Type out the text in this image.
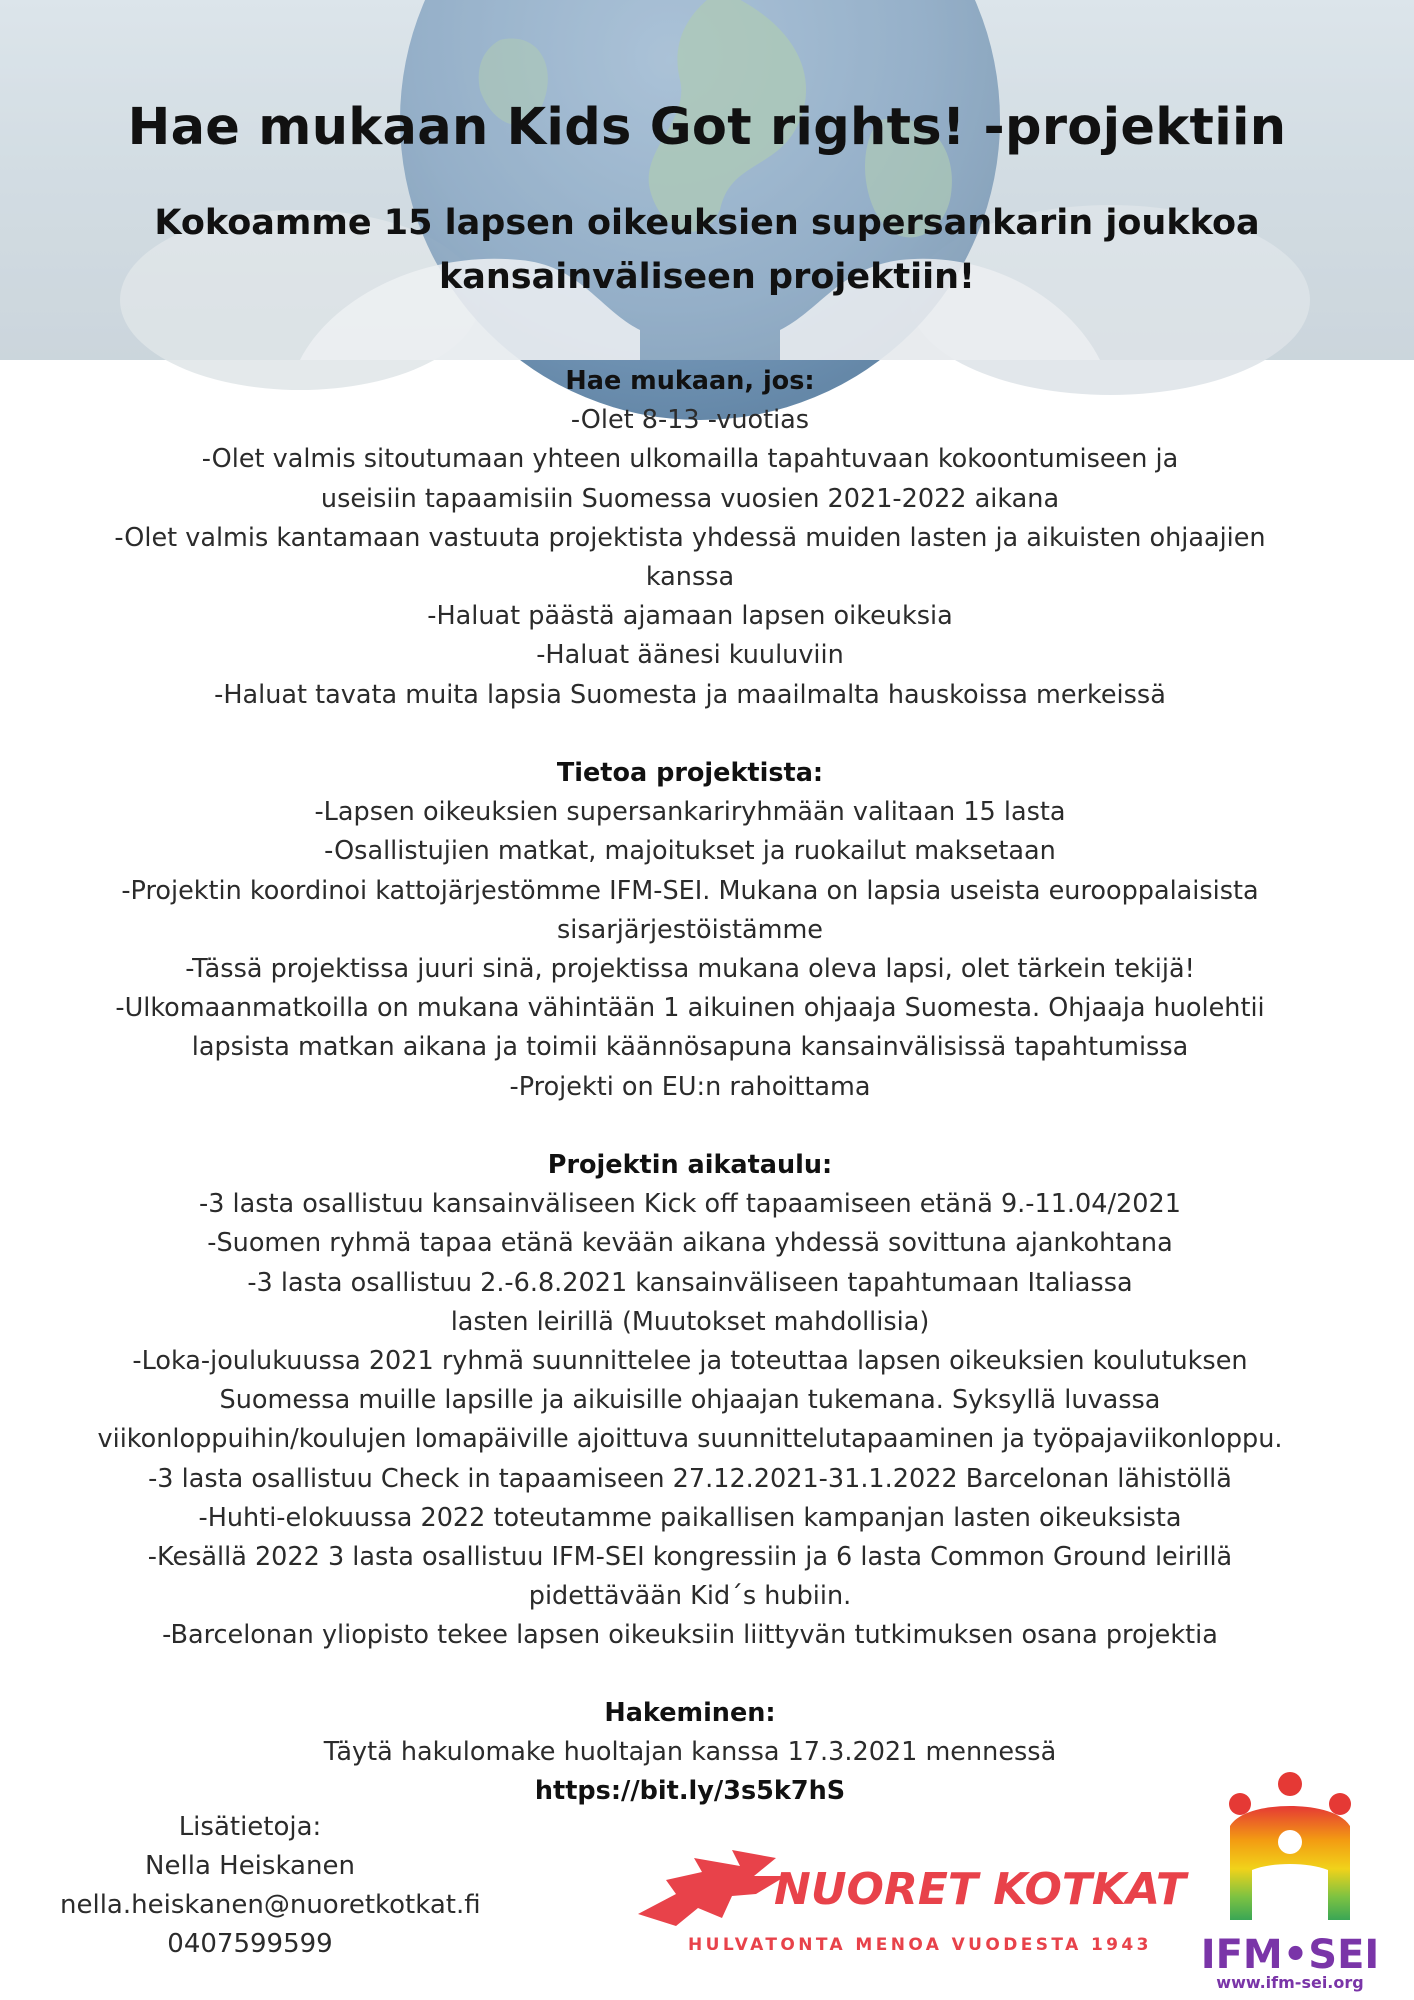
Hae mukaan Kids Got rights! -projektiin
Kokoamme 15 lapsen oikeuksien supersankarin joukkoa
kansainväliseen projektiin!
Hae mukaan, jos:
-Olet 8-13 -vuotias
-Olet valmis sitoutumaan yhteen ulkomailla tapahtuvaan kokoontumiseen ja
useisiin tapaamisiin Suomessa vuosien 2021-2022 aikana
-Olet valmis kantamaan vastuuta projektista yhdessä muiden lasten ja aikuisten ohjaajien
kanssa
-Haluat päästä ajamaan lapsen oikeuksia
-Haluat äänesi kuuluviin
-Haluat tavata muita lapsia Suomesta ja maailmalta hauskoissa merkeissä
Tietoa projektista:
-Lapsen oikeuksien supersankariryhmään valitaan 15 lasta
-Osallistujien matkat, majoitukset ja ruokailut maksetaan
-Projektin koordinoi kattojärjestömme IFM-SEI. Mukana on lapsia useista eurooppalaisista
sisarjärjestöistämme
-Tässä projektissa juuri sinä, projektissa mukana oleva lapsi, olet tärkein tekijä!
-Ulkomaanmatkoilla on mukana vähintään 1 aikuinen ohjaaja Suomesta. Ohjaaja huolehtii
lapsista matkan aikana ja toimii käännösapuna kansainvälisissä tapahtumissa
-Projekti on EU:n rahoittama
Projektin aikataulu:
-3 lasta osallistuu kansainväliseen Kick off tapaamiseen etänä 9.-11.04/2021
-Suomen ryhmä tapaa etänä kevään aikana yhdessä sovittuna ajankohtana
-3 lasta osallistuu 2.-6.8.2021 kansainväliseen tapahtumaan Italiassa
lasten leirillä (Muutokset mahdollisia)
-Loka-joulukuussa 2021 ryhmä suunnittelee ja toteuttaa lapsen oikeuksien koulutuksen
Suomessa muille lapsille ja aikuisille ohjaajan tukemana. Syksyllä luvassa
viikonloppuihin/koulujen lomapäiville ajoittuva suunnittelutapaaminen ja työpajaviikonloppu.
-3 lasta osallistuu Check in tapaamiseen 27.12.2021-31.1.2022 Barcelonan lähistöllä
-Huhti-elokuussa 2022 toteutamme paikallisen kampanjan lasten oikeuksista
-Kesällä 2022 3 lasta osallistuu IFM-SEI kongressiin ja 6 lasta Common Ground leirillä
pidettävään Kid´s hubiin.
-Barcelonan yliopisto tekee lapsen oikeuksiin liittyvän tutkimuksen osana projektia
Hakeminen:
Täytä hakulomake huoltajan kanssa 17.3.2021 mennessä
https://bit.ly/3s5k7hS
Lisätietoja:
Nella Heiskanen
nella.heiskanen@nuoretkotkat.fi
0407599599
NUORET KOTKAT
HULVATONTA MENOA VUODESTA 1943 IFM•SEI
www.ifm-sei.org
